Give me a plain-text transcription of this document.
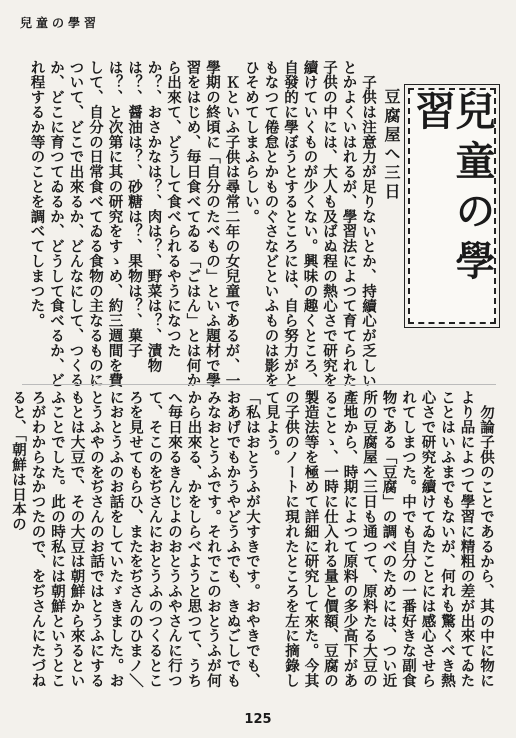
兒童の學習
兒童の學習
豆腐屋へ三日

子供は注意力が足りないとか、持續心が乏しいとかよくいはれるが、學習法によつて育てられた子供の中には、大人も及ばぬ程の熱心さで研究を續けていくものが少くない。興味の趣くところ、自發的に學ぼうとするところには、自ら努力がともなつて倦怠とかものぐさなどといふものは影をひそめてしまふらしい。

Ｋといふ子供は尋常二年の女兒童であるが、一學期の終頃に「自分のたべもの」といふ題材で學習をはじめ、毎日食べてゐる「ごはん」とは何から出來て、どうして食べられるやうになつたか？、おさかなは？、肉は？、野菜は？、漬物は？、醤油は？、砂糖は？、果物は？、菓子は？、と次第に其の研究をすゝめ、約三週間を費して、自分の日常食べてゐる食物の主なるものについて、どこで出來るか、どんなにして、つくるか、どこに育つてゐるか、どうして食べるか、どれ程するか等のことを調べてしまつた。

勿論子供のことであるから、其の中に物により品によつて學習に精粗の差が出來てゐたことはいふまでもないが、何れも驚くべき熱心さで研究を續けてゐたことには感心させられてしまつた。中でも自分の一番好きな副食物である「豆腐」の調べのためには、つい近所の豆腐屋へ三日も通つて、原料たる大豆の產地から、時期によつて原料の多少高下があることゝ、一時に仕入れる量と價額、豆腐の製造法等を極めて詳細に研究して來た。今其の子供のノートに現れたところを左に摘錄して見よう。

「私はおとうふが大すきです。おやきでも、おあげでもかうやどうふでも、きぬごしでもみなおとうふです。それでこのおとうふが何から出來る、かをしらべようと思つて、うちへ毎日來るきんじよのおとうふやさんに行つて、そこのをぢさんにおとうふのつくるところを見せてもらひ、またをぢさんのひまノ＼におとうふのお話をしていたゞきました。おとうふやのをぢさんのお話ではとうふにするもとは大豆で、その大豆は朝鮮から來るといふことでした。此の時私には朝鮮というところがわからなかつたので、をぢさんにたづねると、「朝鮮は日本の

125
